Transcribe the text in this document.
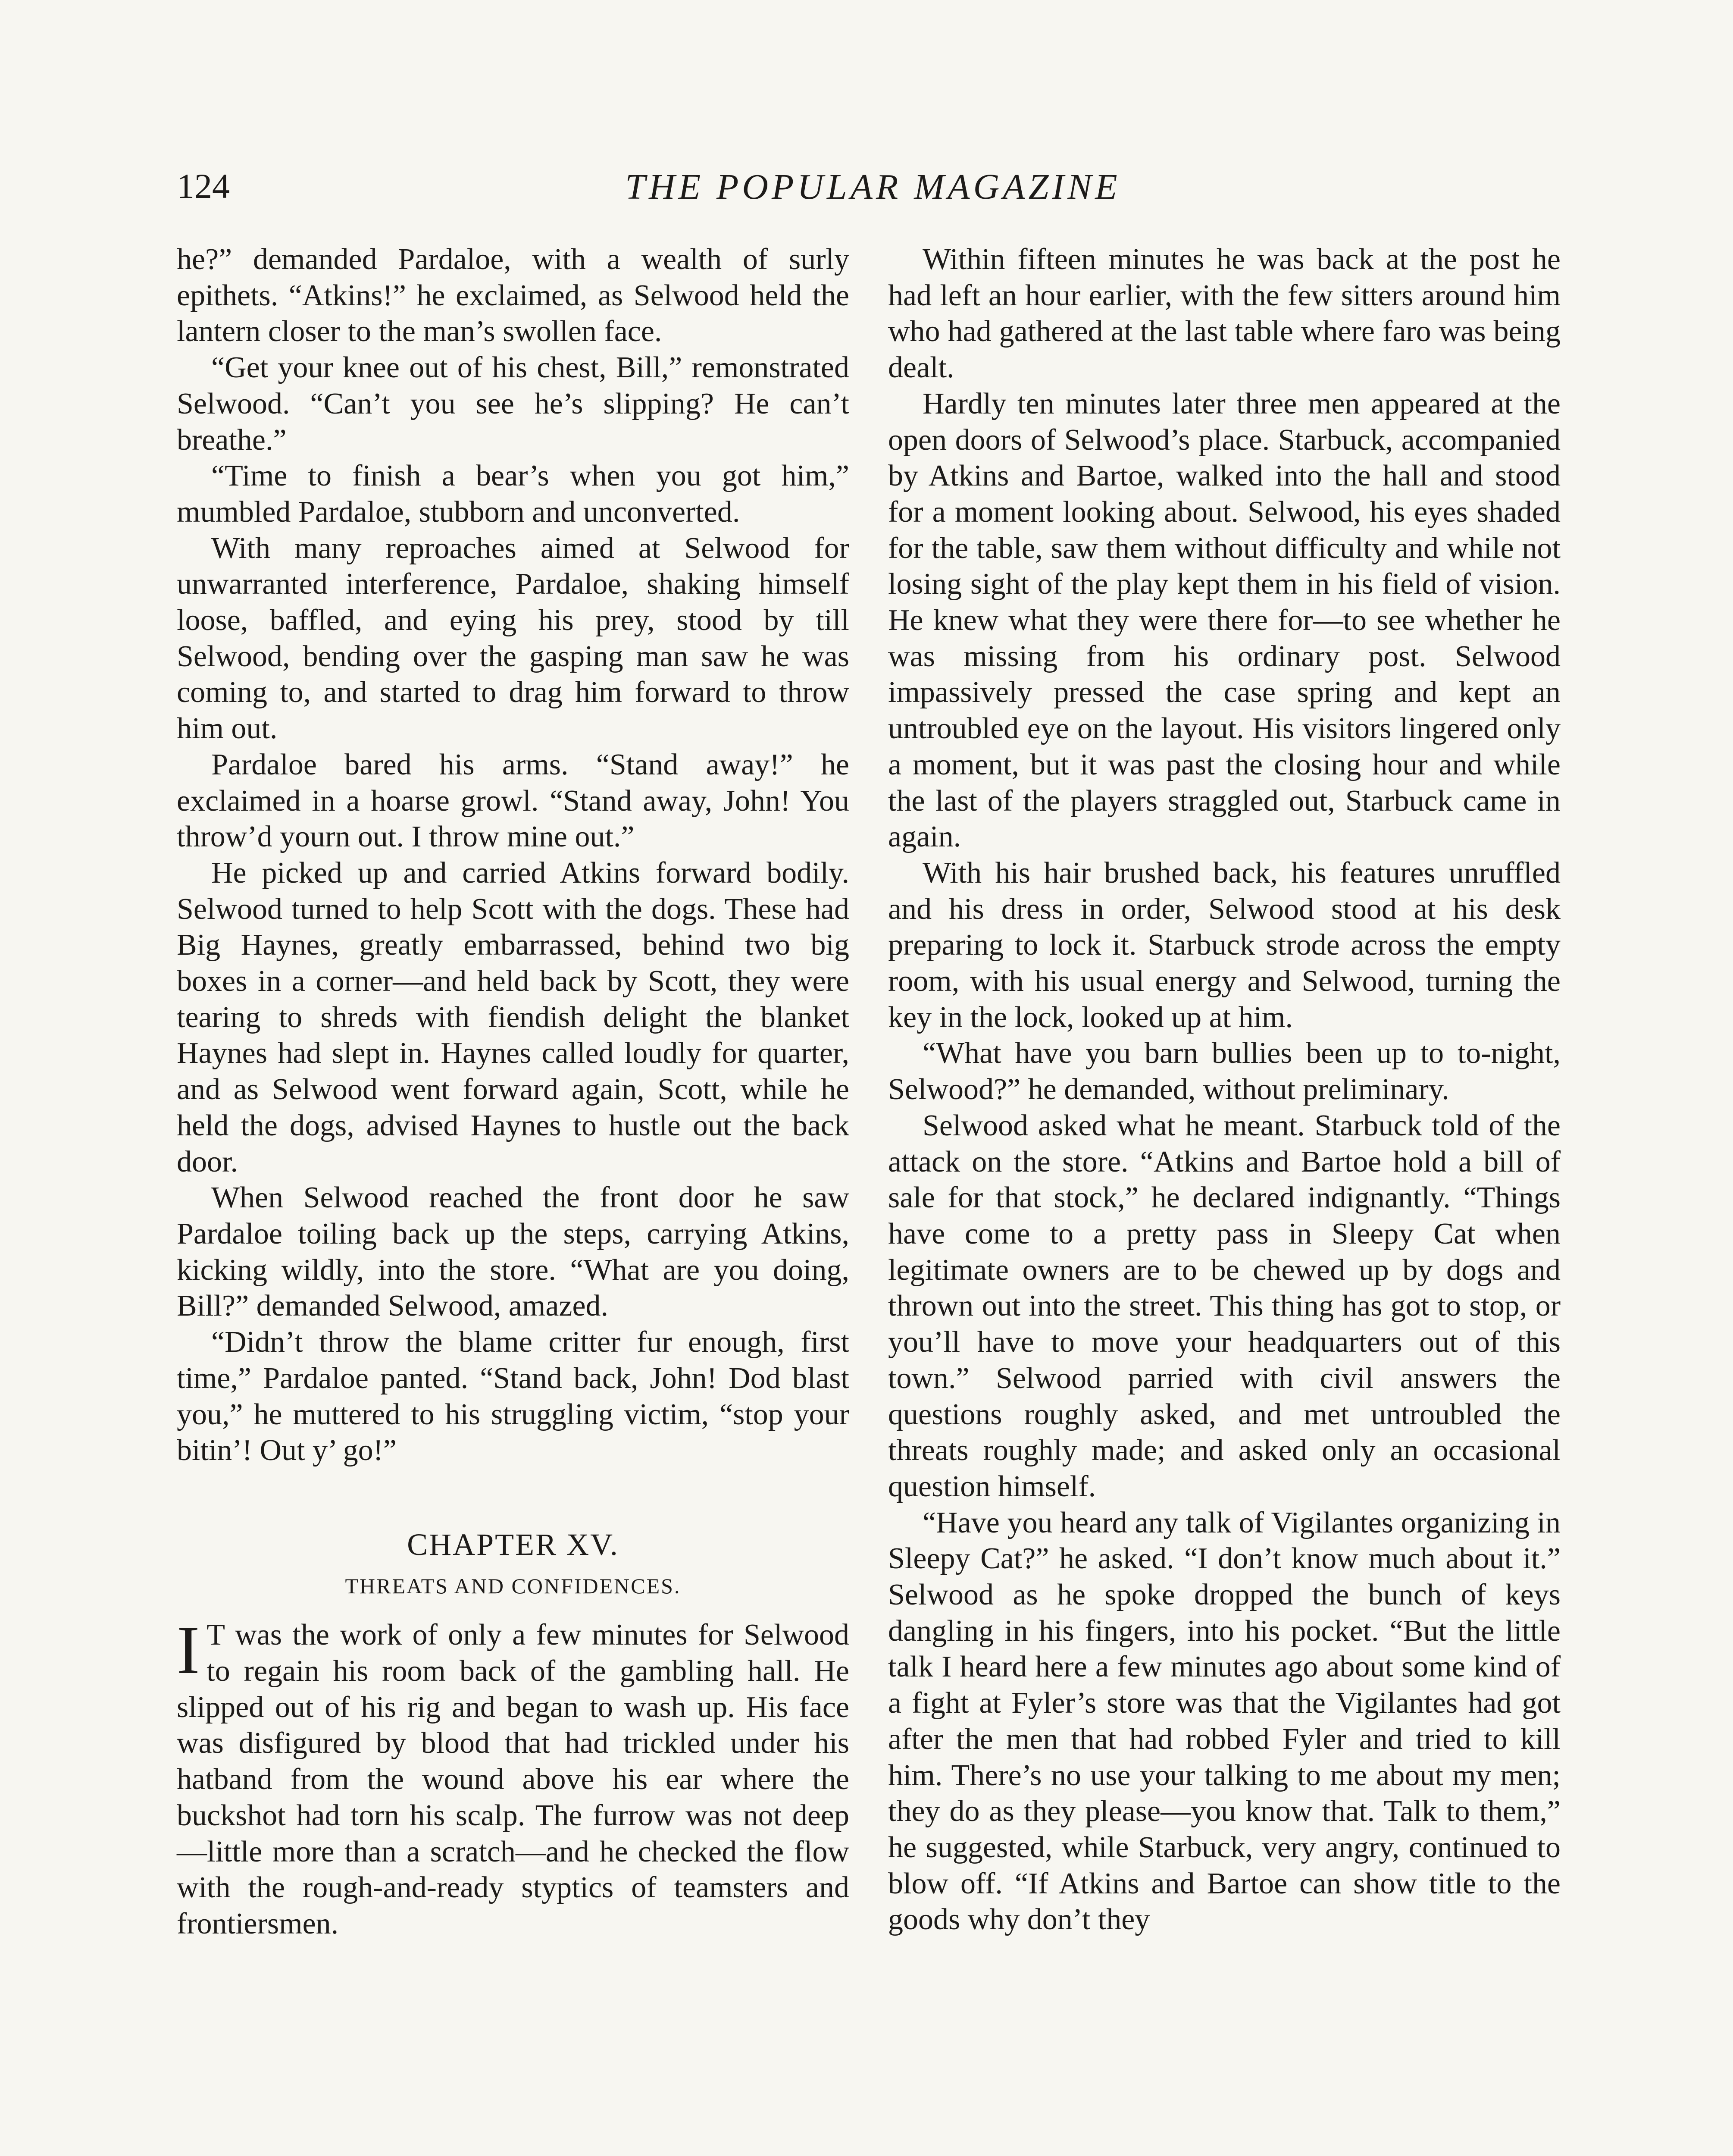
124	THE POPULAR MAGAZINE

he?” demanded Pardaloe, with a wealth of surly epithets. “Atkins!” he exclaimed, as Selwood held the lantern closer to the man’s swollen face.

“Get your knee out of his chest, Bill,” remonstrated Selwood. “Can’t you see he’s slipping? He can’t breathe.”

“Time to finish a bear’s when you got him,” mumbled Pardaloe, stubborn and unconverted.

With many reproaches aimed at Selwood for unwarranted interference, Pardaloe, shaking himself loose, baffled, and eying his prey, stood by till Selwood, bending over the gasping man saw he was coming to, and started to drag him forward to throw him out.

Pardaloe bared his arms. “Stand away!” he exclaimed in a hoarse growl. “Stand away, John! You throw’d yourn out. I throw mine out.”

He picked up and carried Atkins forward bodily. Selwood turned to help Scott with the dogs. These had Big Haynes, greatly embarrassed, behind two big boxes in a corner—and held back by Scott, they were tearing to shreds with fiendish delight the blanket Haynes had slept in. Haynes called loudly for quarter, and as Selwood went forward again, Scott, while he held the dogs, advised Haynes to hustle out the back door.

When Selwood reached the front door he saw Pardaloe toiling back up the steps, carrying Atkins, kicking wildly, into the store. “What are you doing, Bill?” demanded Selwood, amazed.

“Didn’t throw the blame critter fur enough, first time,” Pardaloe panted. “Stand back, John! Dod blast you,” he muttered to his struggling victim, “stop your bitin’! Out y’ go!”

CHAPTER XV.
THREATS AND CONFIDENCES.

I T was the work of only a few minutes for Selwood to regain his room back of the gambling hall. He slipped out of his rig and began to wash up. His face was disfigured by blood that had trickled under his hatband from the wound above his ear where the buckshot had torn his scalp. The furrow was not deep—little more than a scratch—and he checked the flow with the rough-and-ready styptics of teamsters and frontiersmen.

Within fifteen minutes he was back at the post he had left an hour earlier, with the few sitters around him who had gathered at the last table where faro was being dealt.

Hardly ten minutes later three men appeared at the open doors of Selwood’s place. Starbuck, accompanied by Atkins and Bartoe, walked into the hall and stood for a moment looking about. Selwood, his eyes shaded for the table, saw them without difficulty and while not losing sight of the play kept them in his field of vision. He knew what they were there for—to see whether he was missing from his ordinary post. Selwood impassively pressed the case spring and kept an untroubled eye on the layout. His visitors lingered only a moment, but it was past the closing hour and while the last of the players straggled out, Starbuck came in again.

With his hair brushed back, his features unruffled and his dress in order, Selwood stood at his desk preparing to lock it. Starbuck strode across the empty room, with his usual energy and Selwood, turning the key in the lock, looked up at him.

“What have you barn bullies been up to to-night, Selwood?” he demanded, without preliminary.

Selwood asked what he meant. Starbuck told of the attack on the store. “Atkins and Bartoe hold a bill of sale for that stock,” he declared indignantly. “Things have come to a pretty pass in Sleepy Cat when legitimate owners are to be chewed up by dogs and thrown out into the street. This thing has got to stop, or you’ll have to move your headquarters out of this town.” Selwood parried with civil answers the questions roughly asked, and met untroubled the threats roughly made; and asked only an occasional question himself.

“Have you heard any talk of Vigilantes organizing in Sleepy Cat?” he asked. “I don’t know much about it.” Selwood as he spoke dropped the bunch of keys dangling in his fingers, into his pocket. “But the little talk I heard here a few minutes ago about some kind of a fight at Fyler’s store was that the Vigilantes had got after the men that had robbed Fyler and tried to kill him. There’s no use your talking to me about my men; they do as they please—you know that. Talk to them,” he suggested, while Starbuck, very angry, continued to blow off. “If Atkins and Bartoe can show title to the goods why don’t they
